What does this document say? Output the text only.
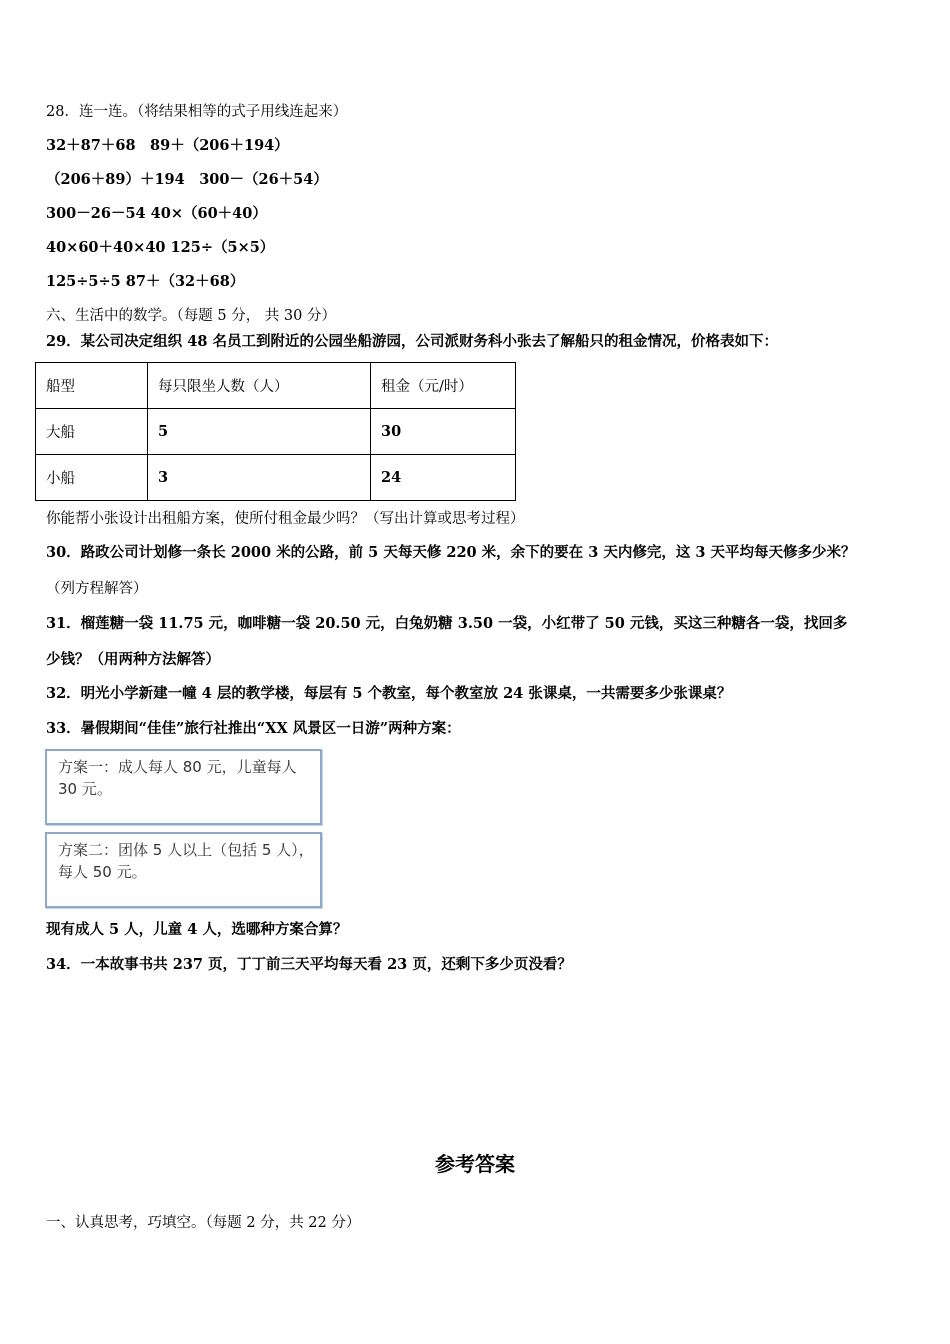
28．连一连。（将结果相等的式子用线连起来）
32＋87＋68　89＋（206＋194）
（206＋89）＋194　300－（26＋54）
300－26－54 40×（60＋40）
40×60＋40×40 125÷（5×5）
125÷5÷5 87＋（32＋68）
六、生活中的数学。（每题 5 分， 共 30 分）
29．某公司决定组织 48 名员工到附近的公园坐船游园，公司派财务科小张去了解船只的租金情况，价格表如下：
船型	每只限坐人数（人）	租金（元/时）
大船	5	30
小船	3	24
你能帮小张设计出租船方案，使所付租金最少吗？（写出计算或思考过程）
30．路政公司计划修一条长 2000 米的公路，前 5 天每天修 220 米，余下的要在 3 天内修完，这 3 天平均每天修多少米？
（列方程解答）
31．榴莲糖一袋 11.75 元，咖啡糖一袋 20.50 元，白兔奶糖 3.50 一袋，小红带了 50 元钱，买这三种糖各一袋，找回多
少钱？（用两种方法解答）
32．明光小学新建一幢 4 层的教学楼，每层有 5 个教室，每个教室放 24 张课桌，一共需要多少张课桌？
33．暑假期间“佳佳”旅行社推出“XX 风景区一日游”两种方案：
方案一：成人每人 80 元，儿童每人 30 元。
方案二：团体 5 人以上（包括 5 人），每人 50 元。
现有成人 5 人，儿童 4 人，选哪种方案合算？
34．一本故事书共 237 页，丁丁前三天平均每天看 23 页，还剩下多少页没看？
参考答案
一、认真思考，巧填空。（每题 2 分，共 22 分）
